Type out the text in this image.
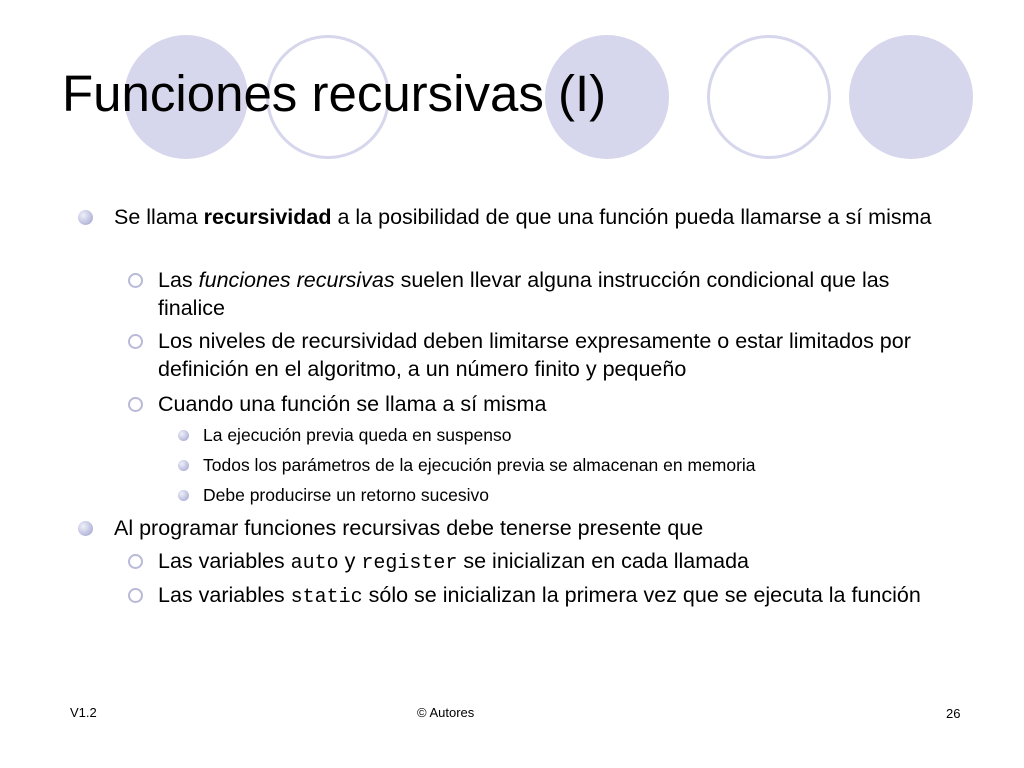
Funciones recursivas (I)
Se llama recursividad a la posibilidad de que una función pueda llamarse a sí misma
Las funciones recursivas suelen llevar alguna instrucción condicional que las finalice
Los niveles de recursividad deben limitarse expresamente o estar limitados por definición en el algoritmo, a un número finito y pequeño
Cuando una función se llama a sí misma
La ejecución previa queda en suspenso
Todos los parámetros de la ejecución previa se almacenan en memoria
Debe producirse un retorno sucesivo
Al programar funciones recursivas debe tenerse presente que
Las variables auto y register se inicializan en cada llamada
Las variables static sólo se inicializan la primera vez que se ejecuta la función
V1.2	© Autores	26
